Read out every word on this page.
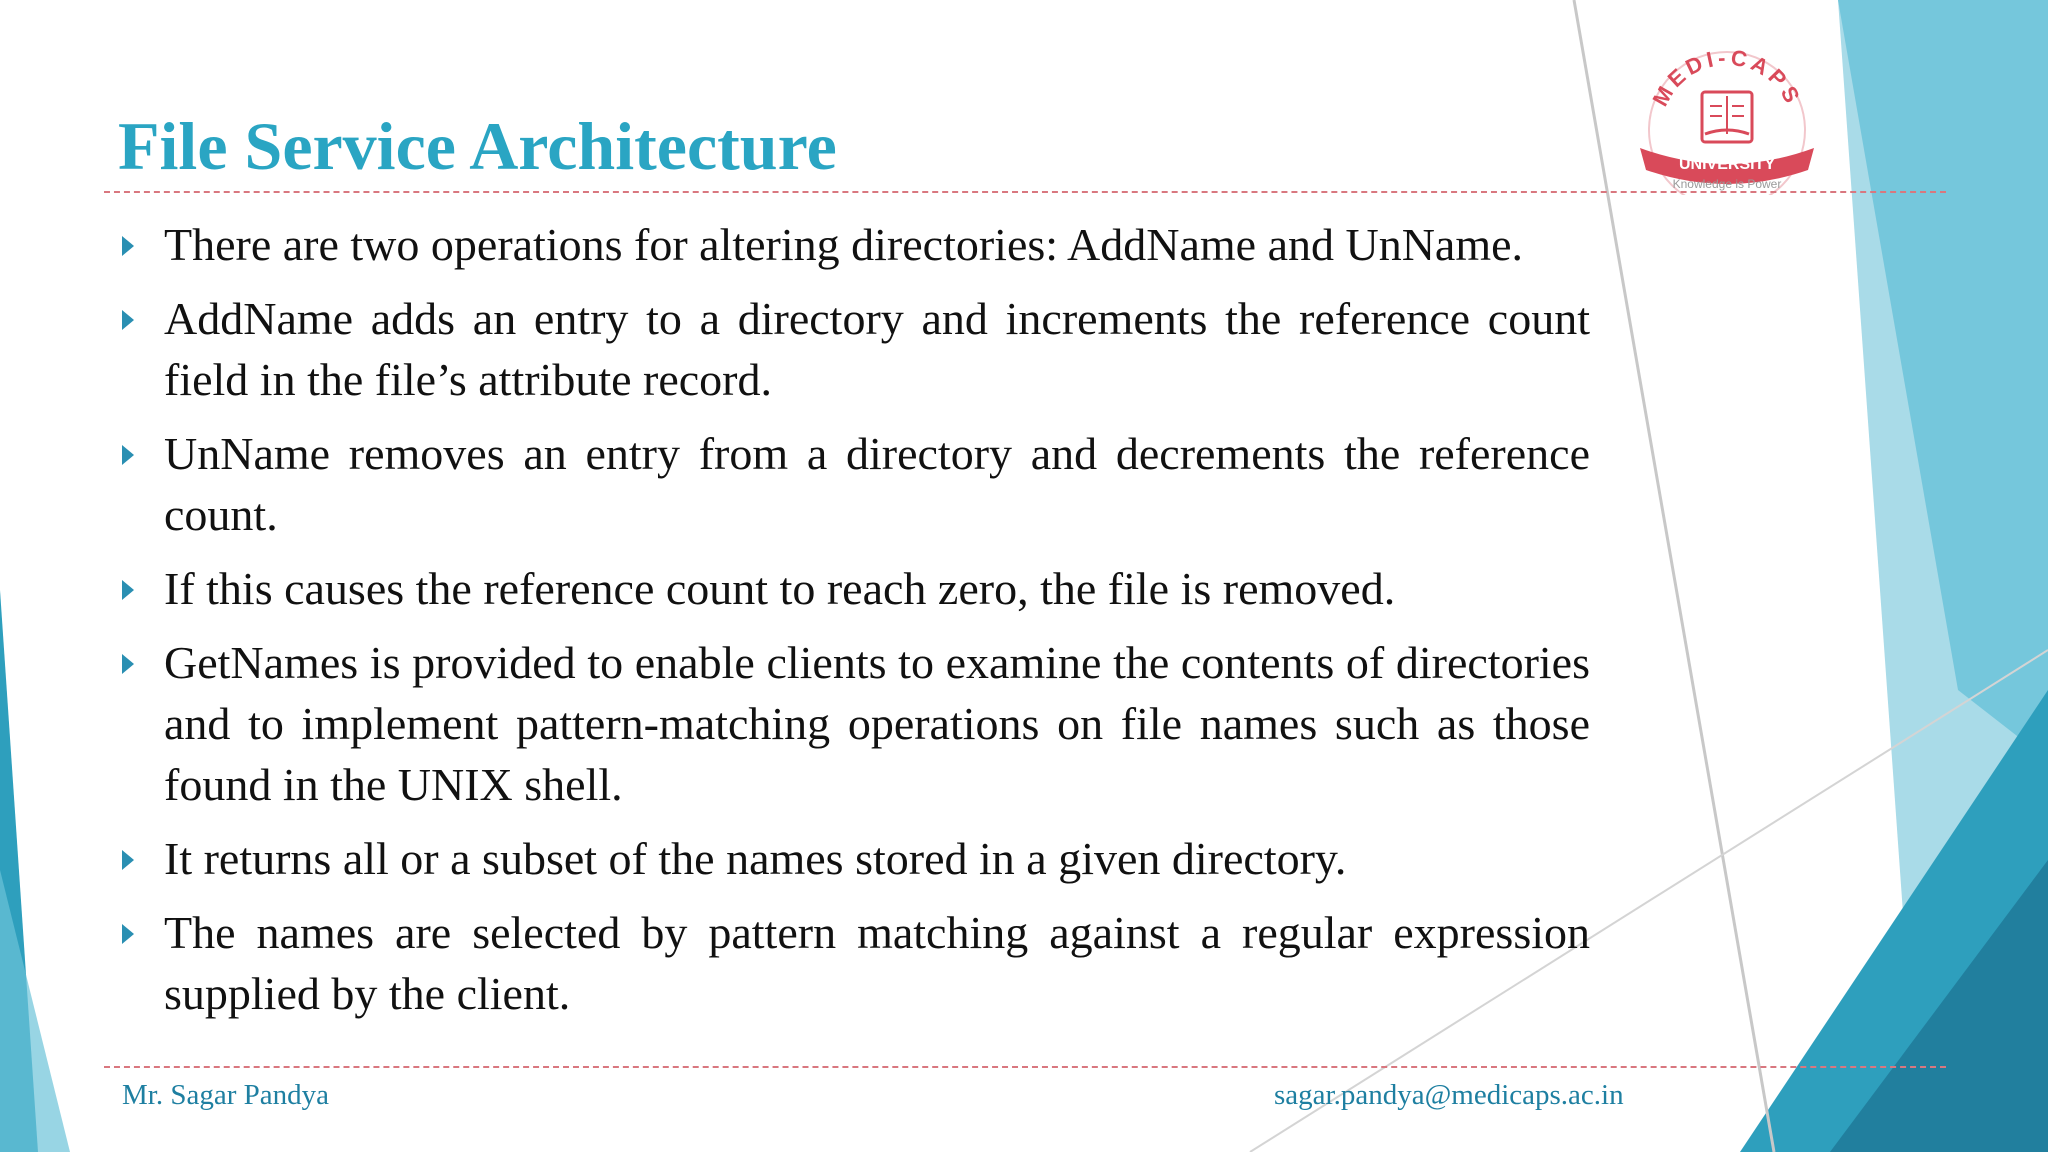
MEDI-CAPS
UNIVERSITY
Knowledge is Power
File Service Architecture
There are two operations for altering directories: AddName and UnName.
AddName adds an entry to a directory and increments the reference count field in the file’s attribute record.
UnName removes an entry from a directory and decrements the reference count.
If this causes the reference count to reach zero, the file is removed.
GetNames is provided to enable clients to examine the contents of directories and to implement pattern-matching operations on file names such as those found in the UNIX shell.
It returns all or a subset of the names stored in a given directory.
The names are selected by pattern matching against a regular expression supplied by the client.
Mr. Sagar Pandya	sagar.pandya@medicaps.ac.in
